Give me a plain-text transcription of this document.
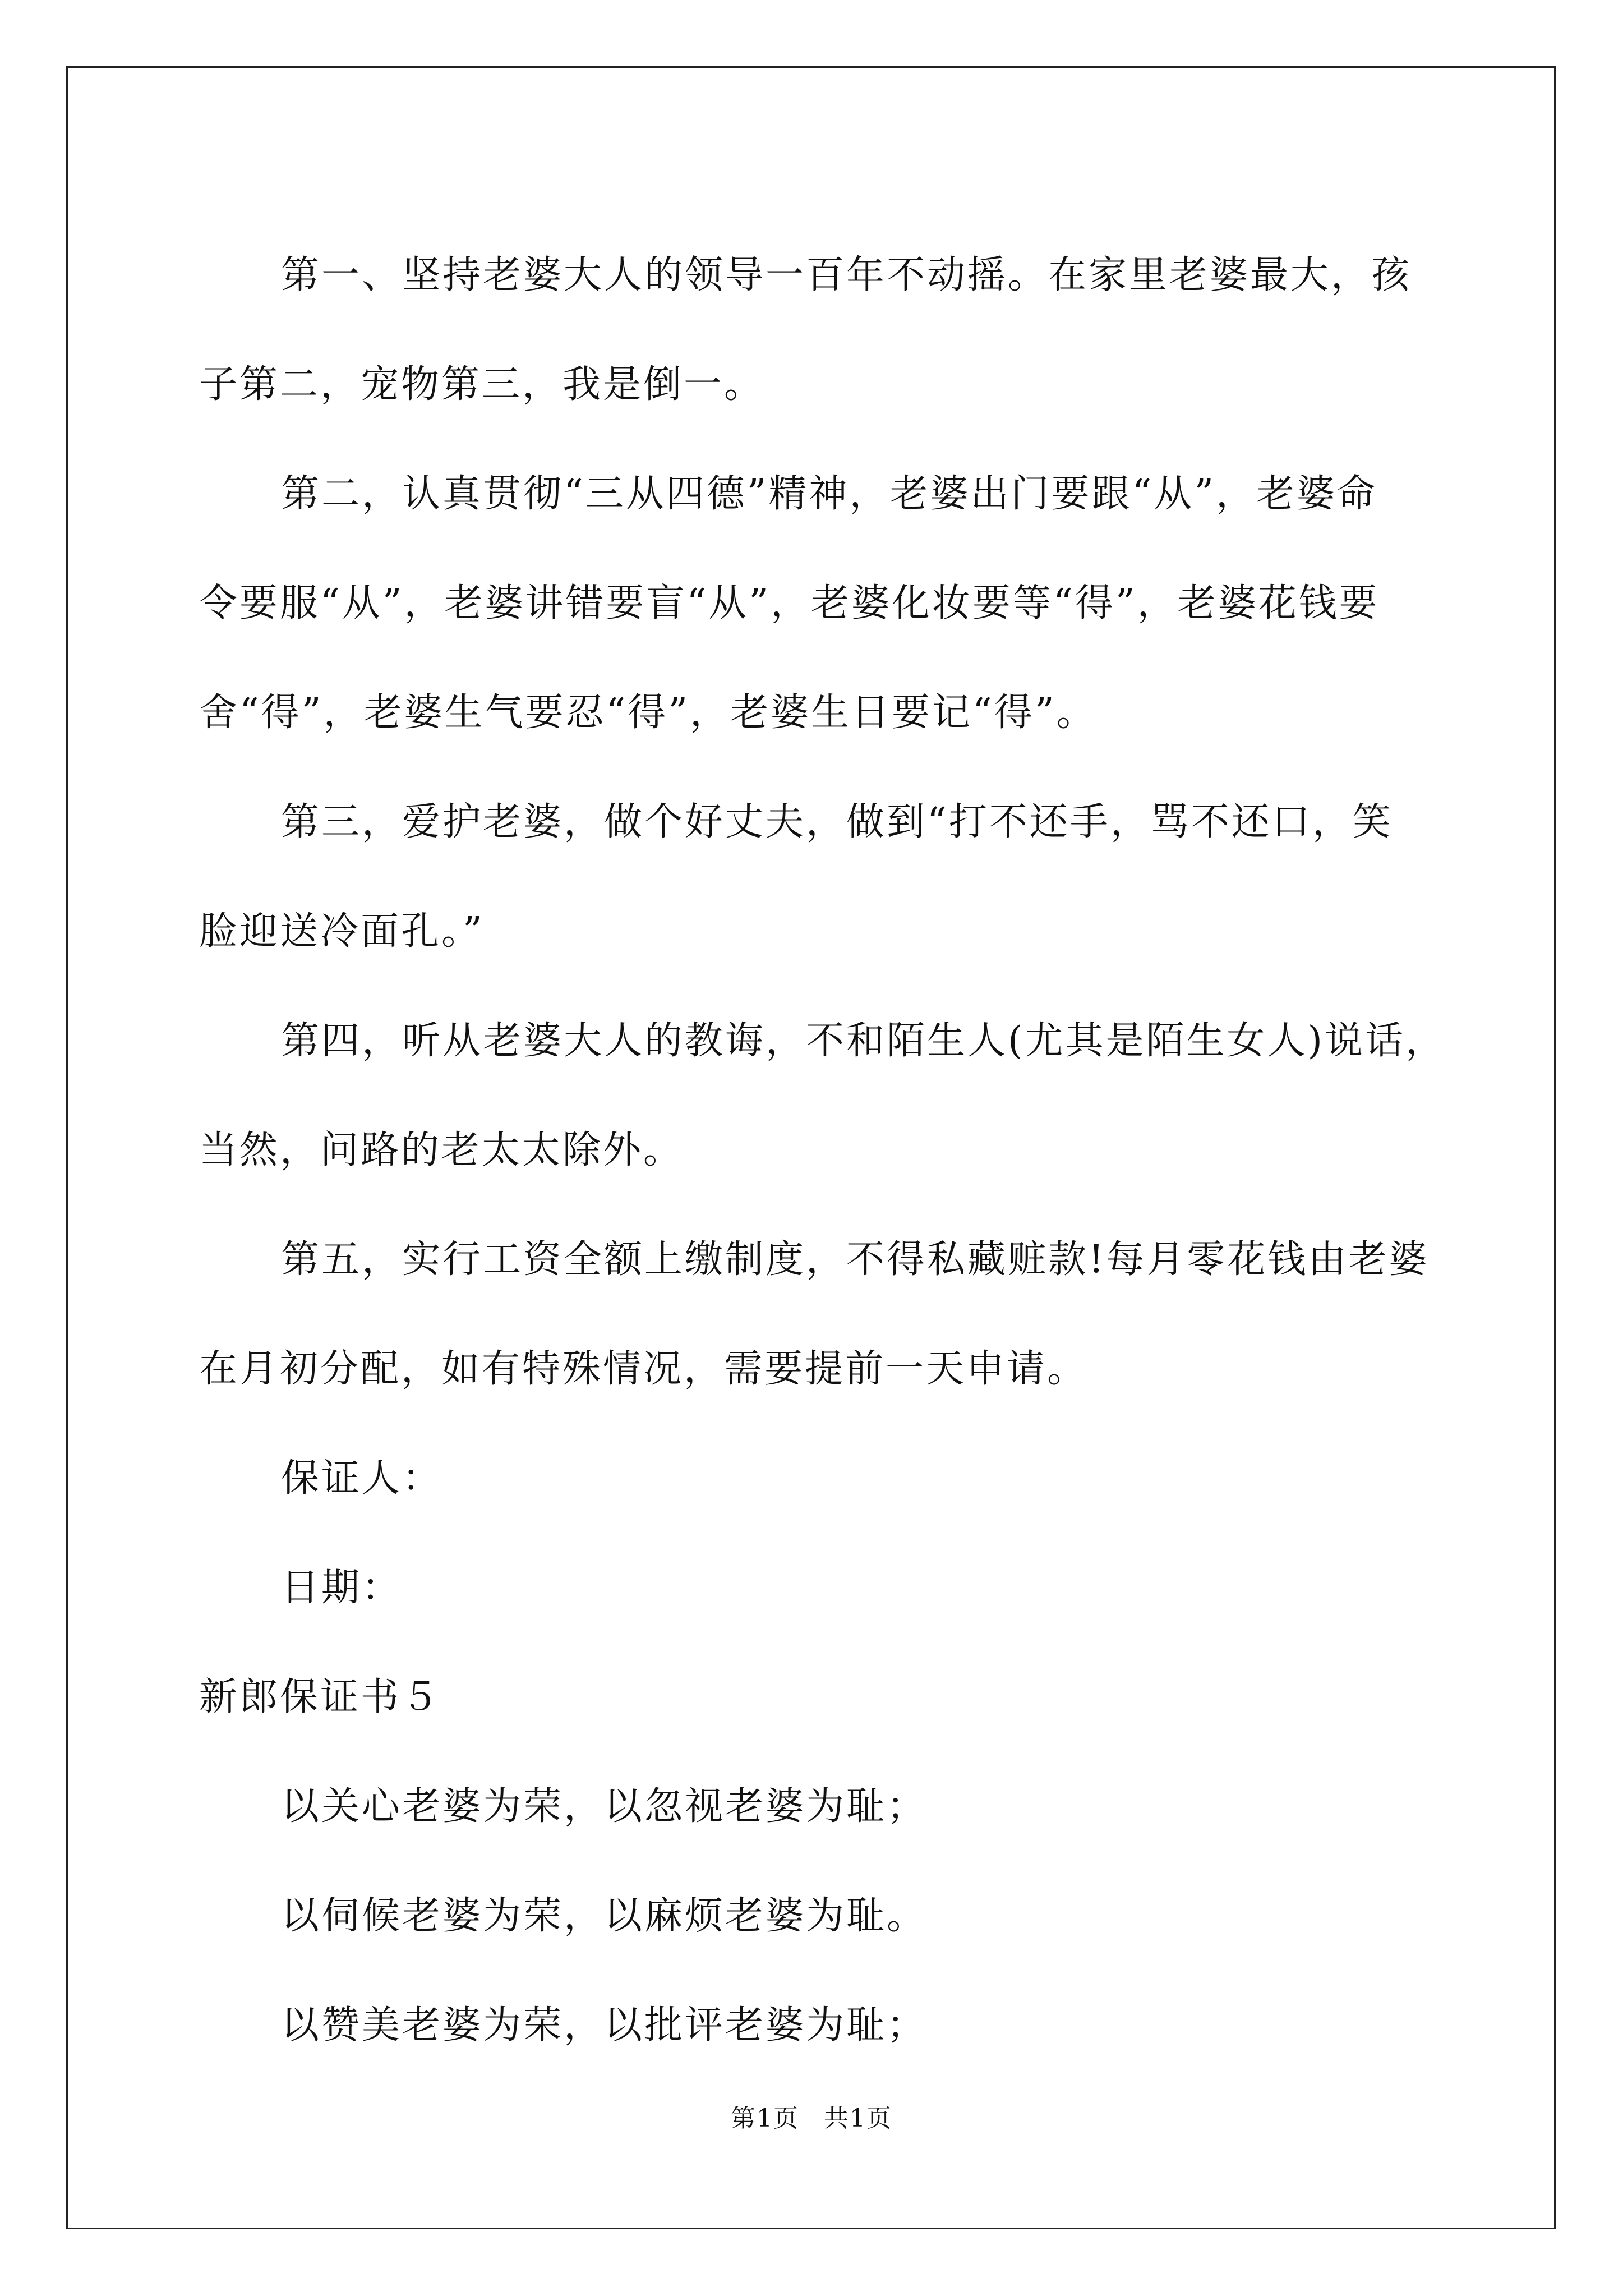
第一、坚持老婆大人的领导一百年不动摇。在家里老婆最大，孩
子第二，宠物第三，我是倒一。

第二，认真贯彻“三从四德”精神，老婆出门要跟“从”，老婆命
令要服“从”，老婆讲错要盲“从”，老婆化妆要等“得”，老婆花钱要
舍“得”，老婆生气要忍“得”，老婆生日要记“得”。

第三，爱护老婆，做个好丈夫，做到“打不还手，骂不还口，笑
脸迎送冷面孔。”

第四，听从老婆大人的教诲，不和陌生人(尤其是陌生女人)说话，
当然，问路的老太太除外。

第五，实行工资全额上缴制度，不得私藏赃款!每月零花钱由老婆
在月初分配，如有特殊情况，需要提前一天申请。

保证人：

日期：

新郎保证书５

以关心老婆为荣，以忽视老婆为耻；

以伺候老婆为荣，以麻烦老婆为耻。

以赞美老婆为荣，以批评老婆为耻；

第1页 共1页
